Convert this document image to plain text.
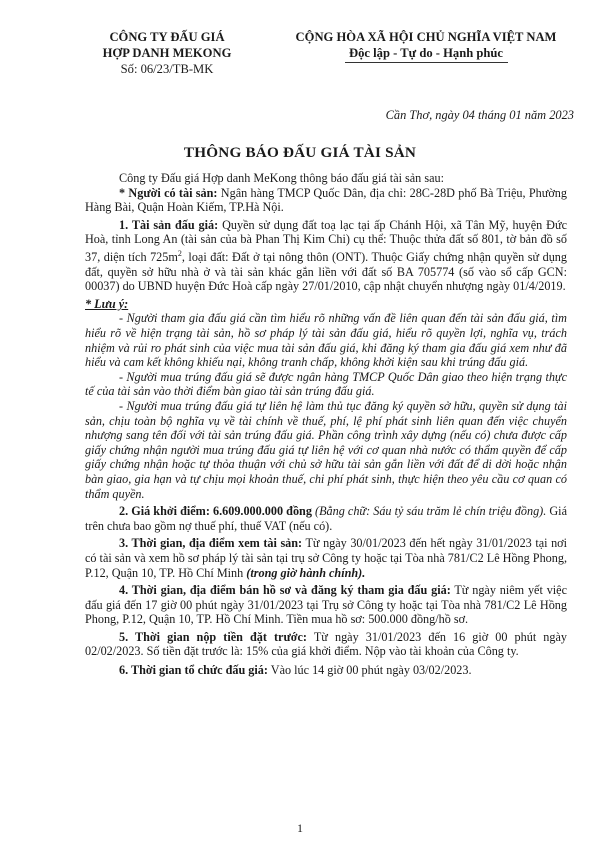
CÔNG TY ĐẤU GIÁ
HỢP DANH MEKONG
Số: 06/23/TB-MK
CỘNG HÒA XÃ HỘI CHỦ NGHĨA VIỆT NAM
Độc lập - Tự do - Hạnh phúc
Cần Thơ, ngày 04 tháng 01 năm 2023
THÔNG BÁO ĐẤU GIÁ TÀI SẢN

Công ty Đấu giá Hợp danh MeKong thông báo đấu giá tài sản sau:

* Người có tài sản: Ngân hàng TMCP Quốc Dân, địa chỉ: 28C-28D phố Bà Triệu, Phường Hàng Bài, Quận Hoàn Kiếm, TP.Hà Nội.

1. Tài sản đấu giá: Quyền sử dụng đất toạ lạc tại ấp Chánh Hội, xã Tân Mỹ, huyện Đức Hoà, tỉnh Long An (tài sản của bà Phan Thị Kim Chi) cụ thể: Thuộc thửa đất số 801, tờ bản đồ số 37, diện tích $725m^2$, loại đất: Đất ở tại nông thôn (ONT). Thuộc Giấy chứng nhận quyền sử dụng đất, quyền sở hữu nhà ở và tài sản khác gắn liền với đất số BA 705774 (số vào sổ cấp GCN: 00037) do UBND huyện Đức Hoà cấp ngày 27/01/2010, cập nhật chuyển nhượng ngày 01/4/2019.

* Lưu ý:

- Người tham gia đấu giá cần tìm hiểu rõ những vấn đề liên quan đến tài sản đấu giá, tìm hiểu rõ về hiện trạng tài sản, hồ sơ pháp lý tài sản đấu giá, hiểu rõ quyền lợi, nghĩa vụ, trách nhiệm và rủi ro phát sinh của việc mua tài sản đấu giá, khi đăng ký tham gia đấu giá xem như đã hiểu và cam kết không khiếu nại, không tranh chấp, không khởi kiện sau khi trúng đấu giá.

- Người mua trúng đấu giá sẽ được ngân hàng TMCP Quốc Dân giao theo hiện trạng thực tế của tài sản vào thời điểm bàn giao tài sản trúng đấu giá.

- Người mua trúng đấu giá tự liên hệ làm thủ tục đăng ký quyền sở hữu, quyền sử dụng tài sản, chịu toàn bộ nghĩa vụ về tài chính về thuế, phí, lệ phí phát sinh liên quan đến việc chuyển nhượng sang tên đối với tài sản trúng đấu giá. Phần công trình xây dựng (nếu có) chưa được cấp giấy chứng nhận người mua trúng đấu giá tự liên hệ với cơ quan nhà nước có thẩm quyền để cấp giấy chứng nhận hoặc tự thỏa thuận với chủ sở hữu tài sản gắn liền với đất để di dời hoặc nhận bàn giao, gia hạn và tự chịu mọi khoản thuế, chi phí phát sinh, thực hiện theo yêu cầu cơ quan có thẩm quyền.

2. Giá khởi điểm: 6.609.000.000 đồng (Bằng chữ: Sáu tỷ sáu trăm lẻ chín triệu đồng). Giá trên chưa bao gồm nợ thuế phí, thuế VAT (nếu có).

3. Thời gian, địa điểm xem tài sản: Từ ngày 30/01/2023 đến hết ngày 31/01/2023 tại nơi có tài sản và xem hồ sơ pháp lý tài sản tại trụ sở Công ty hoặc tại Tòa nhà 781/C2 Lê Hồng Phong, P.12, Quận 10, TP. Hồ Chí Minh (trong giờ hành chính).

4. Thời gian, địa điểm bán hồ sơ và đăng ký tham gia đấu giá: Từ ngày niêm yết việc đấu giá đến 17 giờ 00 phút ngày 31/01/2023 tại Trụ sở Công ty hoặc tại Tòa nhà 781/C2 Lê Hồng Phong, P.12, Quận 10, TP. Hồ Chí Minh. Tiền mua hồ sơ: 500.000 đồng/hồ sơ.

5. Thời gian nộp tiền đặt trước: Từ ngày 31/01/2023 đến 16 giờ 00 phút ngày 02/02/2023. Số tiền đặt trước là: 15% của giá khởi điểm. Nộp vào tài khoản của Công ty.

6. Thời gian tổ chức đấu giá: Vào lúc 14 giờ 00 phút ngày 03/02/2023.

1
